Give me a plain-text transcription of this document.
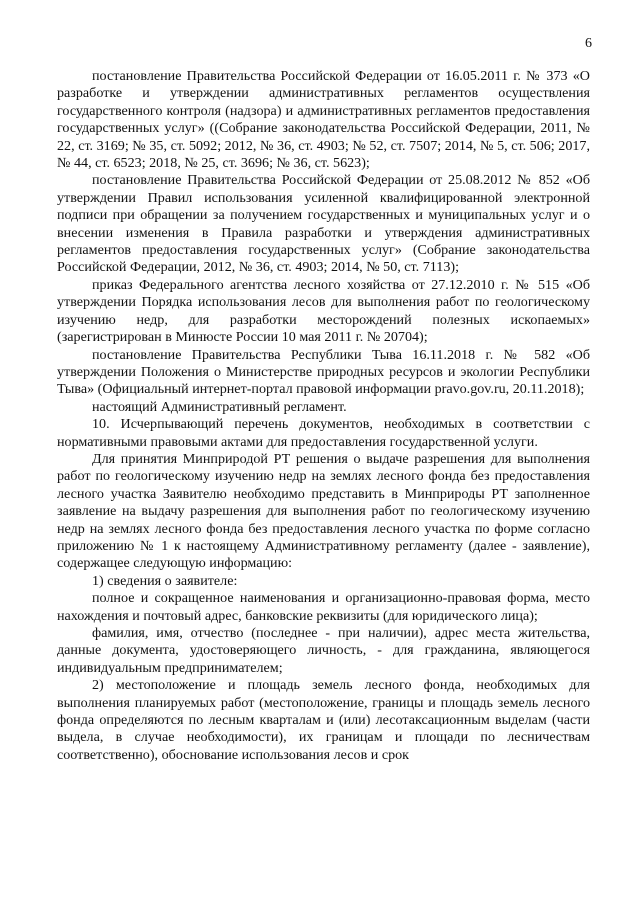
6

постановление Правительства Российской Федерации от 16.05.2011 г. № 373 «О разработке и утверждении административных регламентов осуществления государственного контроля (надзора) и административных регламентов предоставления государственных услуг» ((Собрание законодательства Российской Федерации, 2011, № 22, ст. 3169; № 35, ст. 5092; 2012, № 36, ст. 4903; № 52, ст. 7507; 2014, № 5, ст. 506; 2017, № 44, ст. 6523; 2018, № 25, ст. 3696; № 36, ст. 5623);

постановление Правительства Российской Федерации от 25.08.2012 № 852 «Об утверждении Правил использования усиленной квалифицированной электронной подписи при обращении за получением государственных и муниципальных услуг и о внесении изменения в Правила разработки и утверждения административных регламентов предоставления государственных услуг» (Собрание законодательства Российской Федерации, 2012, № 36, ст. 4903; 2014, № 50, ст. 7113);

приказ Федерального агентства лесного хозяйства от 27.12.2010 г. № 515 «Об утверждении Порядка использования лесов для выполнения работ по геологическому изучению недр, для разработки месторождений полезных ископаемых» (зарегистрирован в Минюсте России 10 мая 2011 г. № 20704);

постановление Правительства Республики Тыва 16.11.2018 г. № 582 «Об утверждении Положения о Министерстве природных ресурсов и экологии Республики Тыва» (Официальный интернет-портал правовой информации pravo.gov.ru, 20.11.2018);

настоящий Административный регламент.

10. Исчерпывающий перечень документов, необходимых в соответствии с нормативными правовыми актами для предоставления государственной услуги.

Для принятия Минприродой РТ решения о выдаче разрешения для выполнения работ по геологическому изучению недр на землях лесного фонда без предоставления лесного участка Заявителю необходимо представить в Минприроды РТ заполненное заявление на выдачу разрешения для выполнения работ по геологическому изучению недр на землях лесного фонда без предоставления лесного участка по форме согласно приложению № 1 к настоящему Административному регламенту (далее - заявление), содержащее следующую информацию:

1) сведения о заявителе:

полное и сокращенное наименования и организационно-правовая форма, место нахождения и почтовый адрес, банковские реквизиты (для юридического лица);

фамилия, имя, отчество (последнее - при наличии), адрес места жительства, данные документа, удостоверяющего личность, - для гражданина, являющегося индивидуальным предпринимателем;

2) местоположение и площадь земель лесного фонда, необходимых для выполнения планируемых работ (местоположение, границы и площадь земель лесного фонда определяются по лесным кварталам и (или) лесотаксационным выделам (части выдела, в случае необходимости), их границам и площади по лесничествам соответственно), обоснование использования лесов и срок
